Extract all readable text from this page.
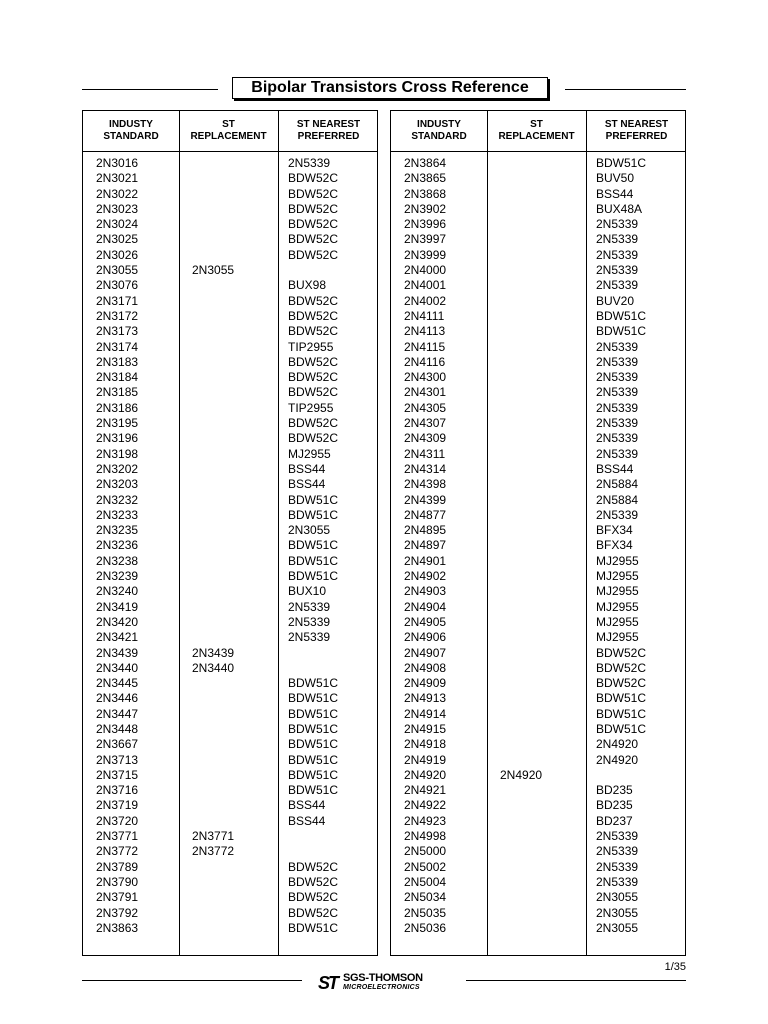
Bipolar Transistors Cross Reference
INDUSTY
STANDARD
ST
REPLACEMENT
ST NEAREST
PREFERRED
2N3016
2N3021
2N3022
2N3023
2N3024
2N3025
2N3026
2N3055
2N3076
2N3171
2N3172
2N3173
2N3174
2N3183
2N3184
2N3185
2N3186
2N3195
2N3196
2N3198
2N3202
2N3203
2N3232
2N3233
2N3235
2N3236
2N3238
2N3239
2N3240
2N3419
2N3420
2N3421
2N3439
2N3440
2N3445
2N3446
2N3447
2N3448
2N3667
2N3713
2N3715
2N3716
2N3719
2N3720
2N3771
2N3772
2N3789
2N3790
2N3791
2N3792
2N3863
2N3055
2N3439
2N3440
2N3771
2N3772
2N5339
BDW52C
BDW52C
BDW52C
BDW52C
BDW52C
BDW52C
BUX98
BDW52C
BDW52C
BDW52C
TIP2955
BDW52C
BDW52C
BDW52C
TIP2955
BDW52C
BDW52C
MJ2955
BSS44
BSS44
BDW51C
BDW51C
2N3055
BDW51C
BDW51C
BDW51C
BUX10
2N5339
2N5339
2N5339
BDW51C
BDW51C
BDW51C
BDW51C
BDW51C
BDW51C
BDW51C
BDW51C
BSS44
BSS44
BDW52C
BDW52C
BDW52C
BDW52C
BDW51C
INDUSTY
STANDARD
ST
REPLACEMENT
ST NEAREST
PREFERRED
2N3864
2N3865
2N3868
2N3902
2N3996
2N3997
2N3999
2N4000
2N4001
2N4002
2N4111
2N4113
2N4115
2N4116
2N4300
2N4301
2N4305
2N4307
2N4309
2N4311
2N4314
2N4398
2N4399
2N4877
2N4895
2N4897
2N4901
2N4902
2N4903
2N4904
2N4905
2N4906
2N4907
2N4908
2N4909
2N4913
2N4914
2N4915
2N4918
2N4919
2N4920
2N4921
2N4922
2N4923
2N4998
2N5000
2N5002
2N5004
2N5034
2N5035
2N5036
2N4920
BDW51C
BUV50
BSS44
BUX48A
2N5339
2N5339
2N5339
2N5339
2N5339
BUV20
BDW51C
BDW51C
2N5339
2N5339
2N5339
2N5339
2N5339
2N5339
2N5339
2N5339
BSS44
2N5884
2N5884
2N5339
BFX34
BFX34
MJ2955
MJ2955
MJ2955
MJ2955
MJ2955
MJ2955
BDW52C
BDW52C
BDW52C
BDW51C
BDW51C
BDW51C
2N4920
2N4920
BD235
BD235
BD237
2N5339
2N5339
2N5339
2N5339
2N3055
2N3055
2N3055
1/35
ST SGS-THOMSON
MICROELECTRONICS
